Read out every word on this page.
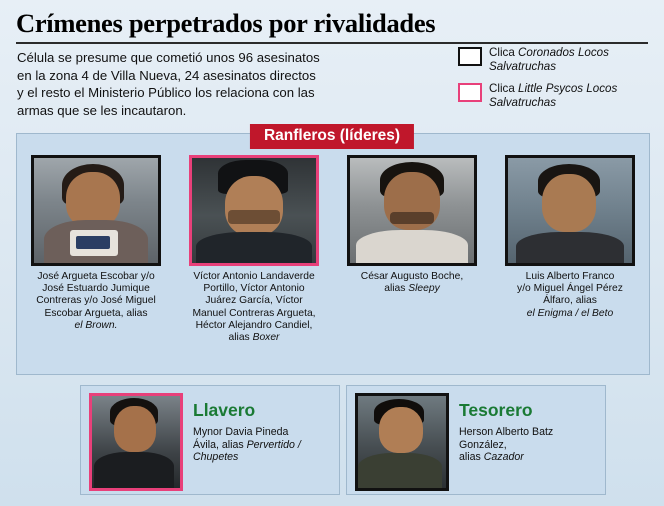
Crímenes perpetrados por rivalidades
Célula se presume que cometió unos 96 asesinatos
en la zona 4 de Villa Nueva, 24 asesinatos directos
y el resto el Ministerio Público los relaciona con las
armas que se les incautaron.
Clica Coronados Locos
Salvatruchas
Clica Little Psycos Locos
Salvatruchas
Ranfleros (líderes)
José Argueta Escobar y/o
José Estuardo Jumique
Contreras y/o José Miguel
Escobar Argueta, alias
el Brown.
Víctor Antonio Landaverde
Portillo, Víctor Antonio
Juárez García, Víctor
Manuel Contreras Argueta,
Héctor Alejandro Candiel,
alias Boxer
César Augusto Boche,
alias Sleepy
Luis Alberto Franco
y/o Miguel Ángel Pérez
Álfaro, alias
el Enigma / el Beto
Llavero
Mynor Davia Pineda
Ávila, alias Pervertido / Chupetes
Tesorero
Herson Alberto Batz
González,
alias Cazador
